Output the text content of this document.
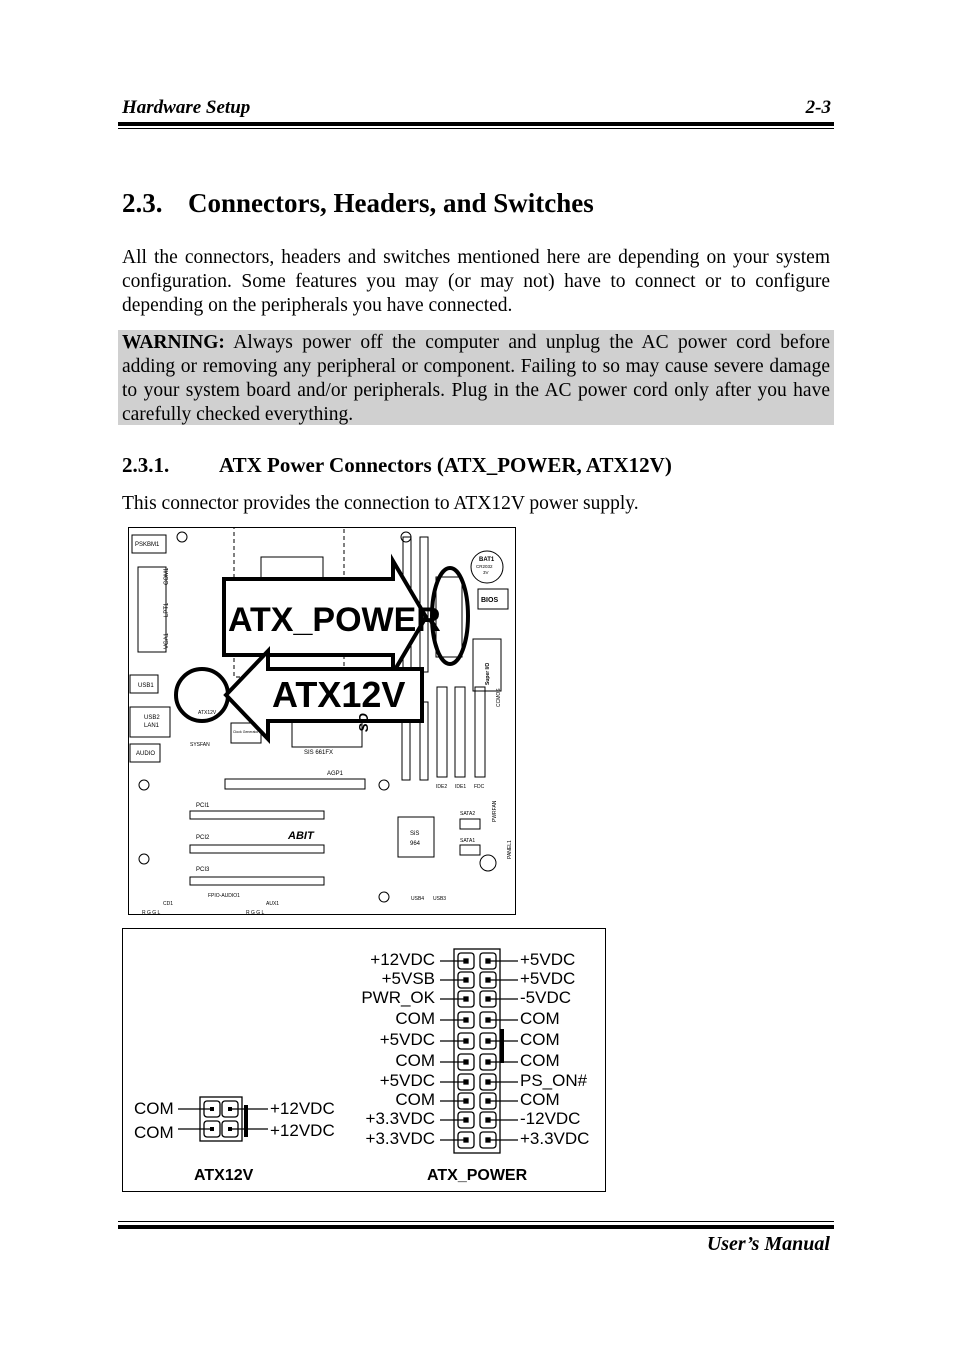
Hardware Setup	2-3
2.3. Connectors, Headers, and Switches
All the connectors, headers and switches mentioned here are depending on your system configuration. Some features you may (or may not) have to connect or to configure depending on the peripherals you have connected.
WARNING: Always power off the computer and unplug the AC power cord before adding or removing any peripheral or component. Failing to so may cause severe damage to your system board and/or peripherals. Plug in the AC power cord only after you have carefully checked everything.
2.3.1. ATX Power Connectors (ATX_POWER, ATX12V)
This connector provides the connection to ATX12V power supply.
ATX_POWER
ATX12V
PSKBM1
COM1
LPT1
VGA1
USB1
USB2
LAN1
AUDIO
ATX12V
SYSFAN
Clock Generator
SIS 661FX
AGP1
PCI1
PCI2
PCI3
ABIT	SiS
964
SATA2
SATA1
PWRFAN
PANEL1
IDE2 IDE1 FDC
CCMOS
BAT1
CR2032
3V
BIOS
Super I/O
SO
CD1
R G G L
FPIO-AUDIO1
AUX1
R G G L
USB4 USB3
COM
COM
+12VDC
+12VDC
ATX12V
+12VDC
+5VSB
PWR_OK
COM
+5VDC
COM
+5VDC
COM
+3.3VDC
+3.3VDC
+5VDC
+5VDC
-5VDC
COM
COM
COM
PS_ON#
COM
-12VDC
+3.3VDC
ATX_POWER
User’s Manual
